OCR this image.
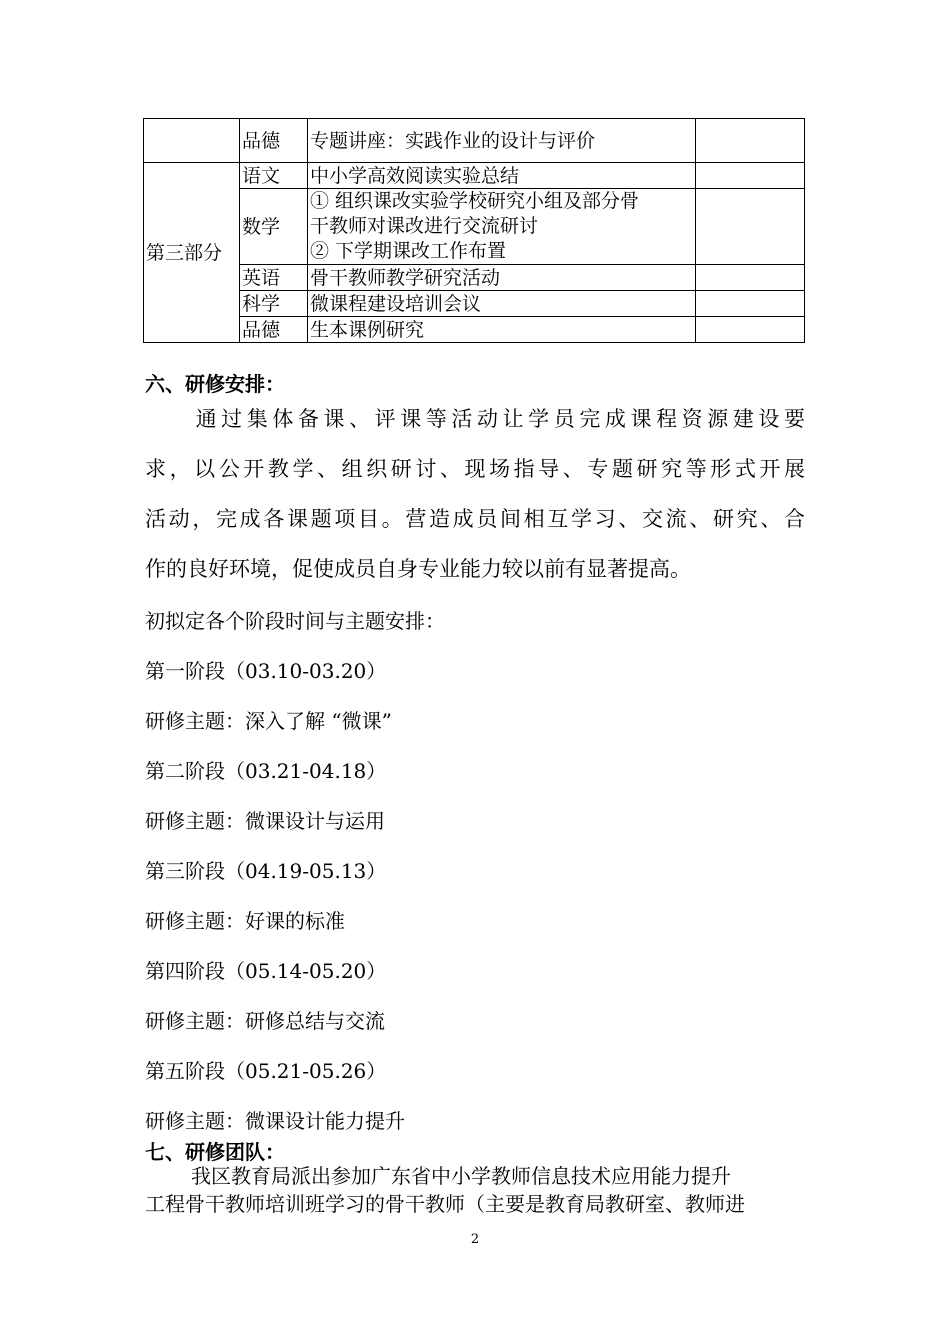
	品德	专题讲座：实践作业的设计与评价	
第三部分	语文	中小学高效阅读实验总结	
	数学	① 组织课改实验学校研究小组及部分骨
干教师对课改进行交流研讨
② 下学期课改工作布置	

	英语	骨干教师教学研究活动	
	科学	微课程建设培训会议	
	品德	生本课例研究	
六、研修安排：
通过集体备课、评课等活动让学员完成课程资源建设要
求，以公开教学、组织研讨、现场指导、专题研究等形式开展
活动，完成各课题项目。营造成员间相互学习、交流、研究、合
作的良好环境，促使成员自身专业能力较以前有显著提高。
初拟定各个阶段时间与主题安排：
第一阶段（03.10-03.20）
研修主题：深入了解 “微课”
第二阶段（03.21-04.18）
研修主题：微课设计与运用
第三阶段（04.19-05.13）
研修主题：好课的标准
第四阶段（05.14-05.20）
研修主题：研修总结与交流
第五阶段（05.21-05.26）
研修主题：微课设计能力提升
七、研修团队：
我区教育局派出参加广东省中小学教师信息技术应用能力提升
工程骨干教师培训班学习的骨干教师（主要是教育局教研室、教师进
2
